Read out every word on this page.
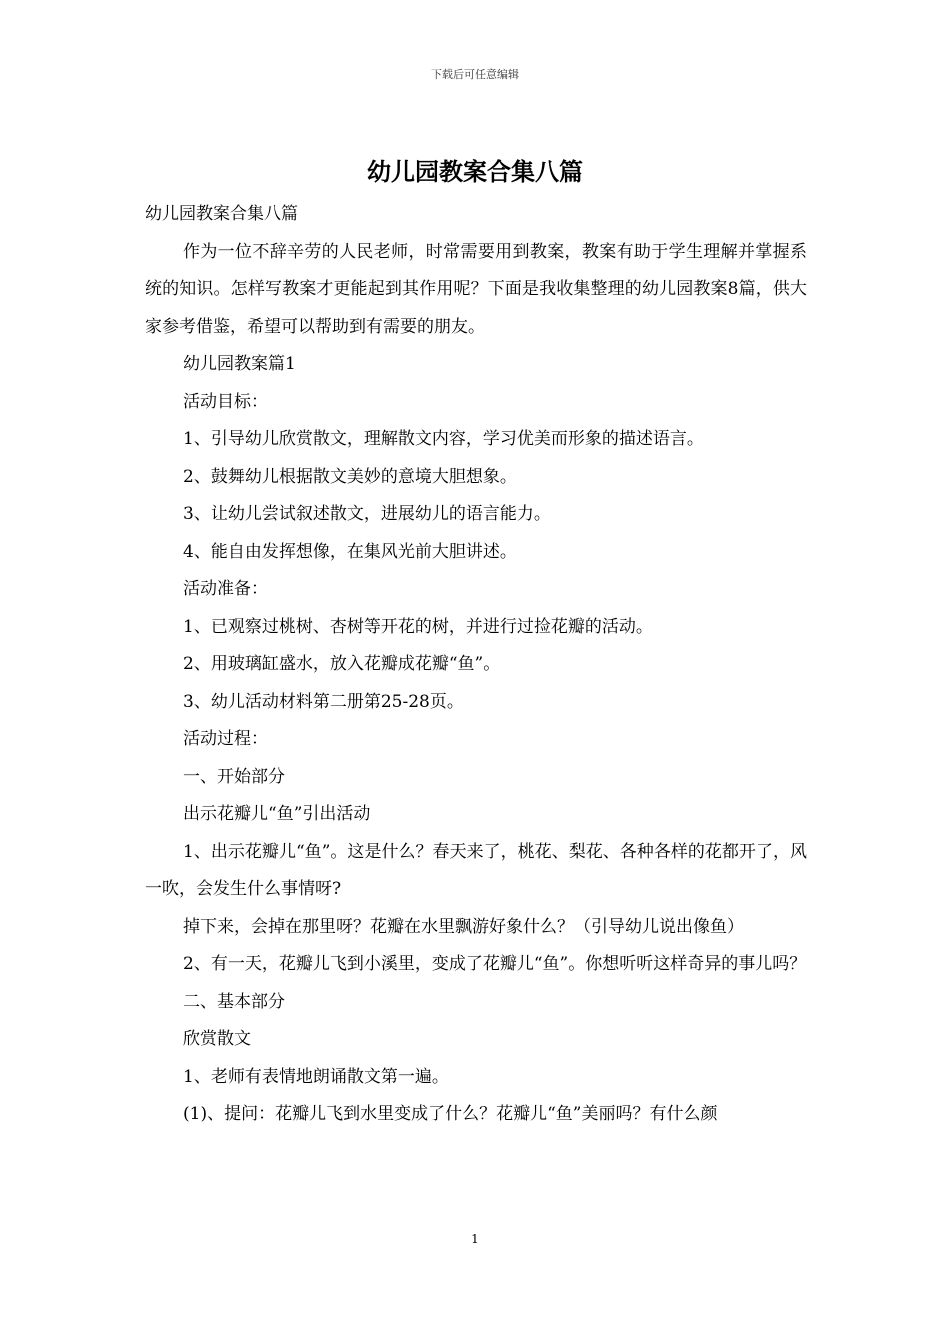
下载后可任意编辑
幼儿园教案合集八篇

幼儿园教案合集八篇

作为一位不辞辛劳的人民老师，时常需要用到教案，教案有助于学生理解并掌握系统的知识。怎样写教案才更能起到其作用呢？下面是我收集整理的幼儿园教案8篇，供大家参考借鉴，希望可以帮助到有需要的朋友。

幼儿园教案篇1

活动目标：

1、引导幼儿欣赏散文，理解散文内容，学习优美而形象的描述语言。

2、鼓舞幼儿根据散文美妙的意境大胆想象。

3、让幼儿尝试叙述散文，进展幼儿的语言能力。

4、能自由发挥想像，在集风光前大胆讲述。

活动准备：

1、已观察过桃树、杏树等开花的树，并进行过捡花瓣的活动。

2、用玻璃缸盛水，放入花瓣成花瓣“鱼”。

3、幼儿活动材料第二册第25-28页。

活动过程：

一、开始部分

出示花瓣儿“鱼”引出活动

1、出示花瓣儿“鱼”。这是什么？春天来了，桃花、梨花、各种各样的花都开了，风一吹，会发生什么事情呀?

掉下来，会掉在那里呀？花瓣在水里飘游好象什么？（引导幼儿说出像鱼）

2、有一天，花瓣儿飞到小溪里，变成了花瓣儿“鱼”。你想听听这样奇异的事儿吗？

二、基本部分

欣赏散文

1、老师有表情地朗诵散文第一遍。

(1)、提问：花瓣儿飞到水里变成了什么？花瓣儿“鱼”美丽吗？有什么颜

1
